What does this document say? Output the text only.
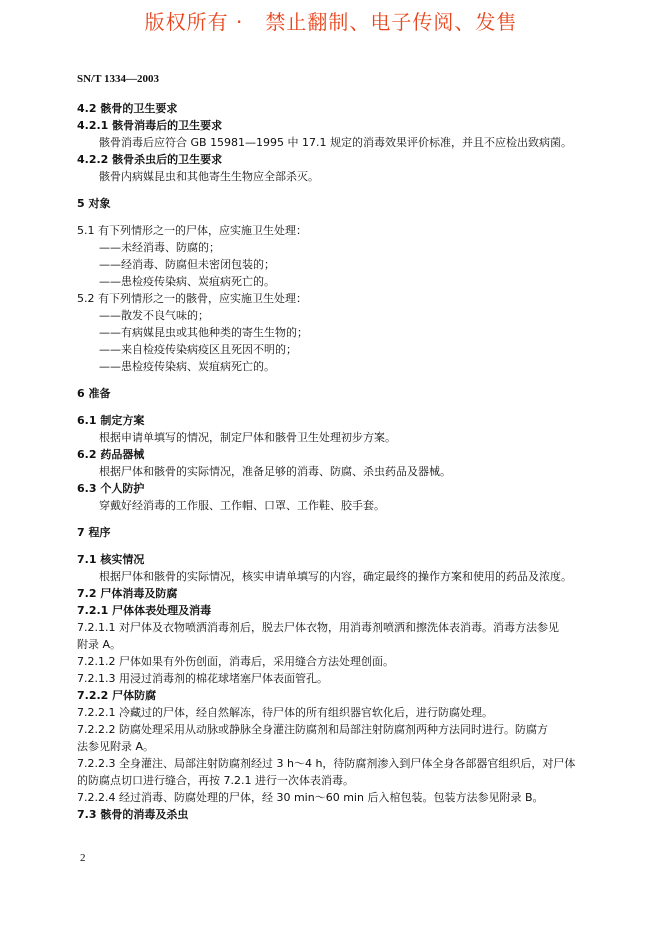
版权所有 ·   禁止翻制、电子传阅、发售
SN/T 1334—2003
4.2 骸骨的卫生要求
4.2.1 骸骨消毒后的卫生要求
骸骨消毒后应符合 GB 15981—1995 中 17.1 规定的消毒效果评价标准，并且不应检出致病菌。
4.2.2 骸骨杀虫后的卫生要求
骸骨内病媒昆虫和其他寄生生物应全部杀灭。
5 对象
5.1 有下列情形之一的尸体，应实施卫生处理：
——未经消毒、防腐的；
——经消毒、防腐但未密闭包装的；
——患检疫传染病、炭疽病死亡的。
5.2 有下列情形之一的骸骨，应实施卫生处理：
——散发不良气味的；
——有病媒昆虫或其他种类的寄生生物的；
——来自检疫传染病疫区且死因不明的；
——患检疫传染病、炭疽病死亡的。
6 准备
6.1 制定方案
根据申请单填写的情况，制定尸体和骸骨卫生处理初步方案。
6.2 药品器械
根据尸体和骸骨的实际情况，准备足够的消毒、防腐、杀虫药品及器械。
6.3 个人防护
穿戴好经消毒的工作服、工作帽、口罩、工作鞋、胶手套。
7 程序
7.1 核实情况
根据尸体和骸骨的实际情况，核实申请单填写的内容，确定最终的操作方案和使用的药品及浓度。
7.2 尸体消毒及防腐
7.2.1 尸体体表处理及消毒
7.2.1.1 对尸体及衣物喷洒消毒剂后，脱去尸体衣物，用消毒剂喷洒和擦洗体表消毒。消毒方法参见
附录 A。
7.2.1.2 尸体如果有外伤创面，消毒后，采用缝合方法处理创面。
7.2.1.3 用浸过消毒剂的棉花球堵塞尸体表面管孔。
7.2.2 尸体防腐
7.2.2.1 冷藏过的尸体，经自然解冻，待尸体的所有组织器官软化后，进行防腐处理。
7.2.2.2 防腐处理采用从动脉或静脉全身灌注防腐剂和局部注射防腐剂两种方法同时进行。防腐方
法参见附录 A。
7.2.2.3 全身灌注、局部注射防腐剂经过 3 h～4 h，待防腐剂渗入到尸体全身各部器官组织后，对尸体
的防腐点切口进行缝合，再按 7.2.1 进行一次体表消毒。
7.2.2.4 经过消毒、防腐处理的尸体，经 30 min～60 min 后入棺包装。包装方法参见附录 B。
7.3 骸骨的消毒及杀虫
2
